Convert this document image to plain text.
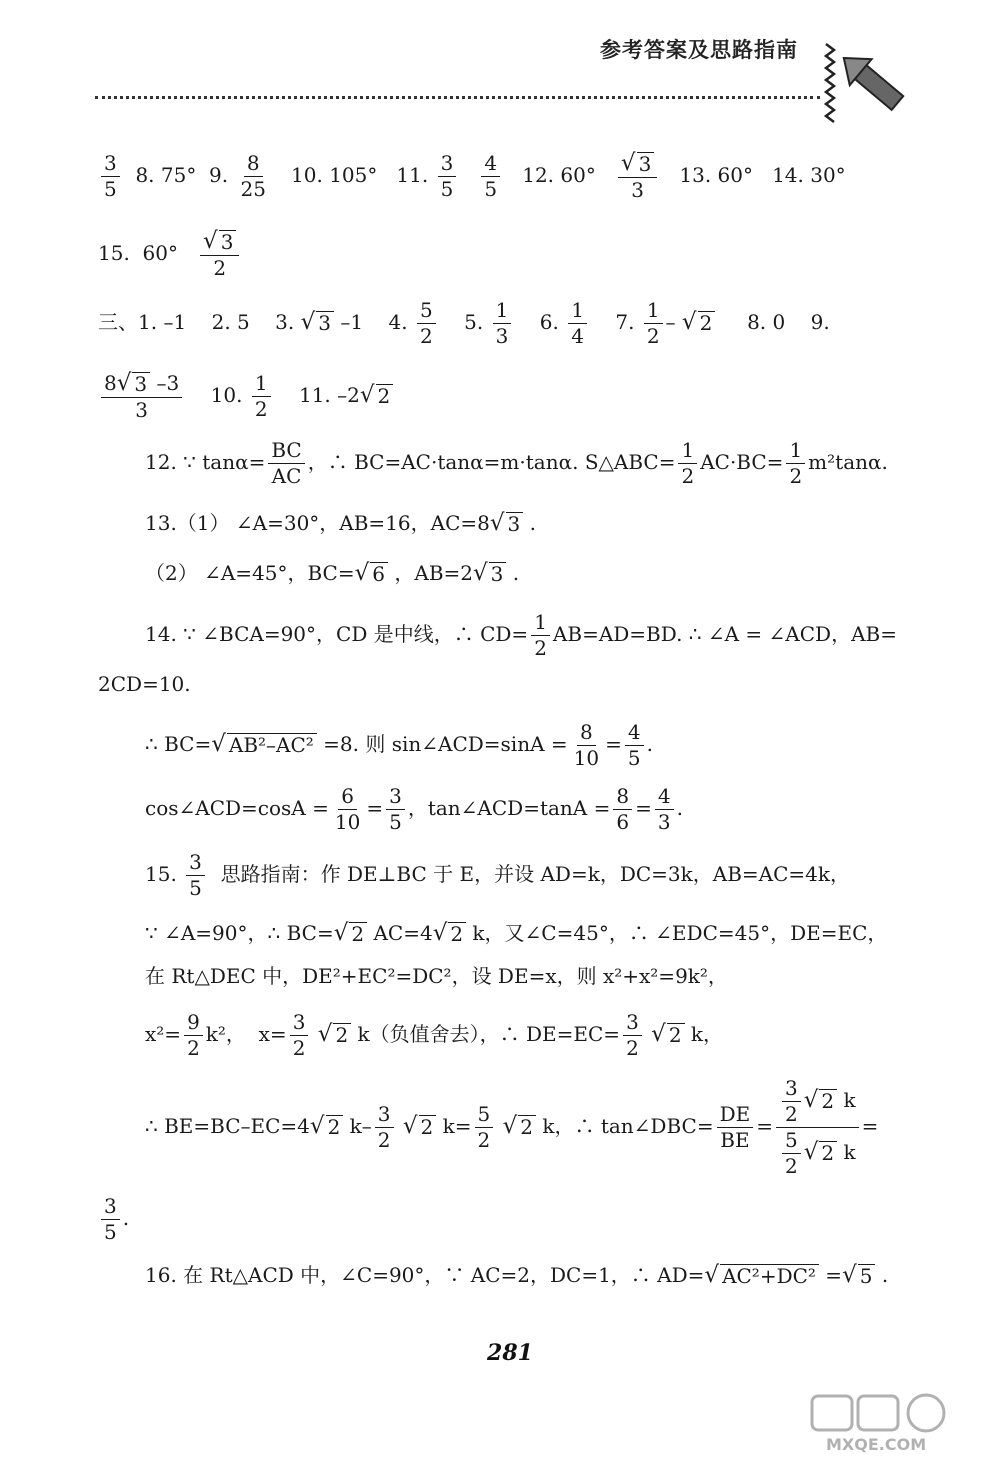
参考答案及思路指南
$\frac{3}{5} 8$. 75°  9. $\frac{8}{25} 10$. 105°   11. $\frac{3}{5}$
$\frac{4}{5} 12$. $60^\circ \frac{√ 3}{3} 13$. 60°   14. 30°
15.  $60^\circ \frac{√ 3}{2}$
三、1. –1    2. 5    3. √ 3 –1    4. $\frac{5}{2} 5$. $\frac{1}{3} 6$. $\frac{1}{4} 7$. $\frac{1}{2}$ – √ 2 8. 0    9.
$\frac{8 √ 3 -3}{3} 10$. $\frac{1}{2} 11$. –2 √ 2
12. ∵ $\tan\alpha= \frac{BC}{AC}$ ，∴ BC=AC·tanα=m·tanα. S△ABC= $\frac{1}{2} AC\cdot BC= \frac{1}{2} m^2\tan\alpha$.
13.（1） ∠A=30°，AB=16，AC=8 √ 3 .
（2） ∠A=45°，BC= √ 6 ，AB=2 √ 3 .
14. ∵ ∠BCA=90°，CD 是中线，∴ $CD= \frac{1}{2} AB=AD=BD$. ∴ ∠A = ∠ACD，AB=
2CD=10.
∴ BC= √ AB²–AC² =8. 则 sin∠ACD=sinA = $\frac{8}{10} = \frac{4}{5}$ .
cos∠ACD=cosA = $\frac{6}{10} = \frac{3}{5}$ ，tan∠ACD=tanA = $\frac{8}{6} = \frac{4}{3}$ .
15. $\frac{3}{5}$ 思路指南：作 DE⊥BC 于 E，并设 AD=k，DC=3k，AB=AC=4k，
∵ ∠A=90°，∴ BC= √ 2 AC=4 √ 2 k，又∠C=45°，∴ ∠EDC=45°，DE=EC，
在 Rt△DEC 中，DE²+EC²=DC²，设 DE=x，则 x²+x²=9k²，
$x^2= \frac{9}{2} k^2$，  $x= \frac{3}{2}$
√ 2 k（负值舍去），∴ $DE=EC= \frac{3}{2}$
√ 2 k，
∴ BE=BC–EC=4 √ 2 $k- \frac{3}{2}$
√ 2 $k= \frac{5}{2}$
√ 2 k，∴ tan∠DBC= $\frac{DE}{BE} = \frac{\frac{3}{2} √ 2 k}{\frac{5}{2} √ 2 k}$ =
$\frac{3}{5}$ .
16. 在 Rt△ACD 中，∠C=90°，∵ AC=2，DC=1，∴ AD= √ AC²+DC² = √ 5 .
281
MXQE.COM
